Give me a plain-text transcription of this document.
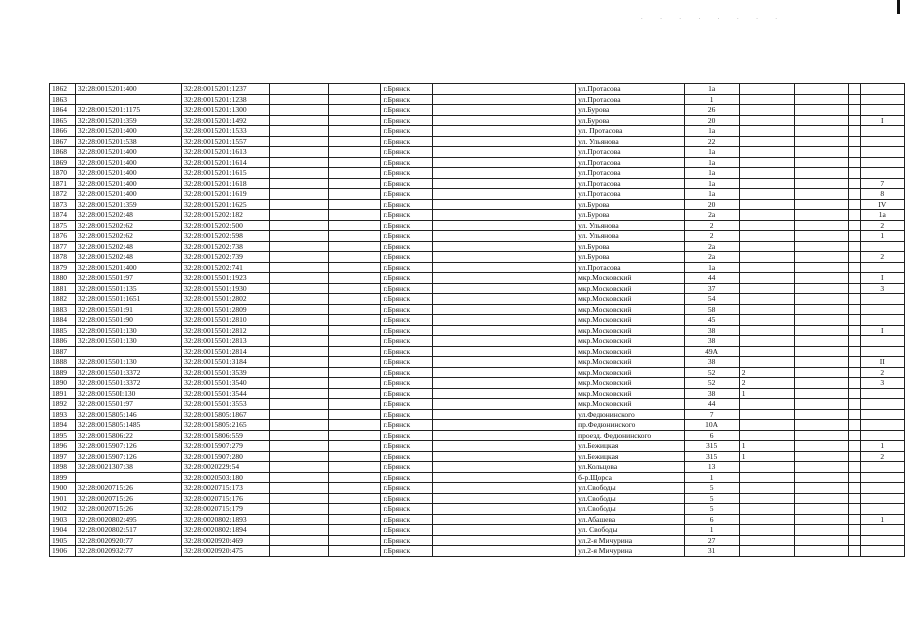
. . . . . . . .
1862	32:28:0015201:400	32:28:0015201:1237			г.Брянск		ул.Протасова	1а				
1863		32:28:0015201:1238			г.Брянск		ул.Протасова	1				
1864	32:28:0015201:1175	32:28:0015201:1300			г.Брянск		ул.Бурова	26				
1865	32:28:0015201:359	32:28:0015201:1492			г.Брянск		ул.Бурова	20				I
1866	32:28:0015201:400	32:28:0015201:1533			г.Брянск		ул. Протасова	1а				
1867	32:28:0015201:538	32:28:0015201:1557			г.Брянск		ул. Ульянова	22				
1868	32:28:0015201:400	32:28:0015201:1613			г.Брянск		ул.Протасова	1а				
1869	32:28:0015201:400	32:28:0015201:1614			г.Брянск		ул.Протасова	1а				
1870	32:28:0015201:400	32:28:0015201:1615			г.Брянск		ул.Протасова	1а				
1871	32:28:0015201:400	32:28:0015201:1618			г.Брянск		ул.Протасова	1а				7
1872	32:28:0015201:400	32:28:0015201:1619			г.Брянск		ул.Протасова	1а				8
1873	32:28:0015201:359	32:28:0015201:1625			г.Брянск		ул.Бурова	20				IV
1874	32:28:0015202:48	32:28:0015202:182			г.Брянск		ул.Бурова	2а				1а
1875	32:28:0015202:62	32:28:0015202:500			г.Брянск		ул. Ульянова	2				2
1876	32:28:0015202:62	32:28:0015202:598			г.Брянск		ул. Ульянова	2				1
1877	32:28:0015202:48	32:28:0015202:738			г.Брянск		ул.Бурова	2а				
1878	32:28:0015202:48	32:28:0015202:739			г.Брянск		ул.Бурова	2а				2
1879	32:28:0015201:400	32:28:0015202:741			г.Брянск		ул.Протасова	1а				
1880	32:28:0015501:97	32:28:0015501:1923			г.Брянск		мкр.Московский	44				I
1881	32:28:0015501:135	32:28:0015501:1930			г.Брянск		мкр.Московский	37				3
1882	32:28:0015501:1651	32:28:0015501:2802			г.Брянск		мкр.Московский	54				
1883	32:28:0015501:91	32:28:0015501:2809			г.Брянск		мкр.Московский	58				
1884	32:28:0015501:90	32:28:0015501:2810			г.Брянск		мкр.Московский	45				
1885	32:28:0015501:130	32:28:0015501:2812			г.Брянск		мкр.Московский	38				I
1886	32:28:0015501:130	32:28:0015501:2813			г.Брянск		мкр.Московский	38				
1887		32:28:0015501:2814			г.Брянск		мкр.Московский	49А				
1888	32:28:0015501:130	32:28:0015501:3184			г.Брянск		мкр.Московский	38				II
1889	32:28:0015501:3372	32:28:0015501:3539			г.Брянск		мкр.Московский	52	2			2
1890	32:28:0015501:3372	32:28:0015501:3540			г.Брянск		мкр.Московский	52	2			3
1891	32:28:001550I:130	32:28:0015501:3544			г.Брянск		мкр.Московский	38	1			
1892	32:28:0015501:97	32:28:0015501:3553			г.Брянск		мкр.Московский	44				
1893	32:28:0015805:146	32:28:0015805:1867			г.Брянск		ул.Федюнинского	7				
1894	32:28:0015805:1485	32:28:0015805:2165			г.Брянск		пр.Федюнинского	10А				
1895	32:28:0015806:22	32:28:0015806:559			г.Брянск		проезд. Федюнинского	6				
1896	32:28:0015907:126	32:28:0015907:279			г.Брянск		ул.Бежицкая	315	1			1
1897	32:28:0015907:126	32:28:0015907:280			г.Брянск		ул.Бежицкая	315	1			2
1898	32:28:0021307:38	32:28:0020229:54			г.Брянск		ул.Кольцова	13				
1899		32:28:0020503:180			г.Брянск		б-р.Щорса	1				
1900	32:28:0020715:26	32:28:0020715:173			г.Брянск		ул.Свободы	5				
1901	32:28:0020715:26	32:28:0020715:176			г.Брянск		ул.Свободы	5				
1902	32:28:0020715:26	32:28:0020715:179			г.Брянск		ул.Свободы	5				
1903	32:28:0020802:495	32:28:0020802:1893			г.Брянск		ул.Абашева	6				1
1904	32:28:0020802:517	32:28:0020802:1894			г.Брянск		ул. Свободы	1				
1905	32:28:0020920:77	32:28:0020920:469			г.Брянск		ул.2-я Мичурина	27				
1906	32:28:0020932:77	32:28:0020920:475			г.Брянск		ул.2-я Мичурина	31				
